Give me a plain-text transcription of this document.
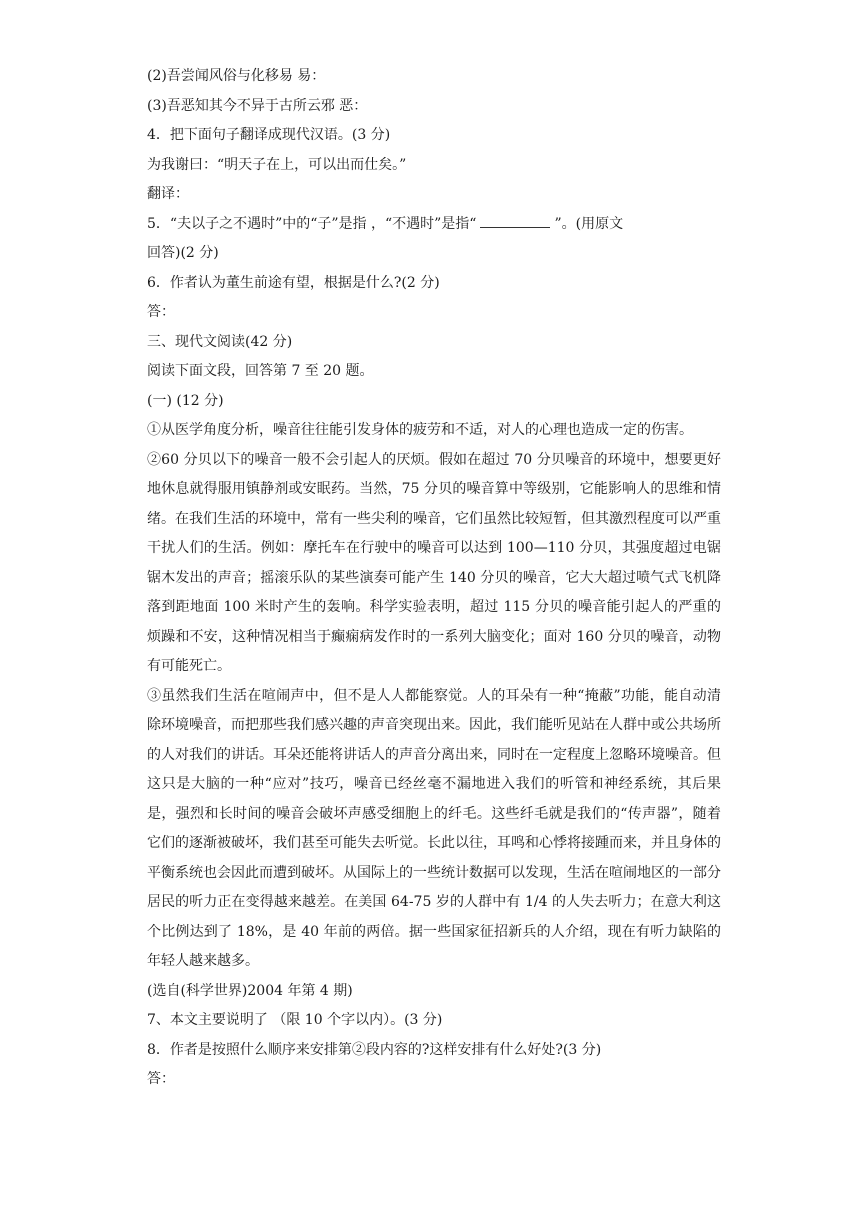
(2)吾尝闻风俗与化移易 易：

(3)吾恶知其今不异于古所云邪 恶：

4．把下面句子翻译成现代汉语。(3 分)

为我谢曰：“明天子在上，可以出而仕矣。”

翻译：

5．“夫以子之不遇时”中的“子”是指 ，“不遇时”是指“	”。(用原文

回答)(2 分)

6．作者认为董生前途有望，根据是什么?(2 分)

答：

三、现代文阅读(42 分)

阅读下面文段，回答第 7 至 20 题。

(一) (12 分)

①从医学角度分析，噪音往往能引发身体的疲劳和不适，对人的心理也造成一定的伤害。

②60 分贝以下的噪音一般不会引起人的厌烦。假如在超过 70 分贝噪音的环境中，想要更好地休息就得服用镇静剂或安眠药。当然，75 分贝的噪音算中等级别，它能影响人的思维和情绪。在我们生活的环境中，常有一些尖利的噪音，它们虽然比较短暂，但其激烈程度可以严重干扰人们的生活。例如：摩托车在行驶中的噪音可以达到 100—110 分贝，其强度超过电锯锯木发出的声音；摇滚乐队的某些演奏可能产生 140 分贝的噪音，它大大超过喷气式飞机降落到距地面 100 米时产生的轰响。科学实验表明，超过 115 分贝的噪音能引起人的严重的烦躁和不安，这种情况相当于癫痫病发作时的一系列大脑变化；面对 160 分贝的噪音，动物有可能死亡。

③虽然我们生活在喧闹声中，但不是人人都能察觉。人的耳朵有一种“掩蔽”功能，能自动清除环境噪音，而把那些我们感兴趣的声音突现出来。因此，我们能听见站在人群中或公共场所的人对我们的讲话。耳朵还能将讲话人的声音分离出来，同时在一定程度上忽略环境噪音。但这只是大脑的一种“应对”技巧，噪音已经丝毫不漏地进入我们的听管和神经系统，其后果是，强烈和长时间的噪音会破坏声感受细胞上的纤毛。这些纤毛就是我们的“传声器”，随着它们的逐渐被破坏，我们甚至可能失去听觉。长此以往，耳鸣和心悸将接踵而来，并且身体的平衡系统也会因此而遭到破坏。从国际上的一些统计数据可以发现，生活在喧闹地区的一部分居民的听力正在变得越来越差。在美国 64-75 岁的人群中有 1/4 的人失去听力；在意大利这个比例达到了 18%，是 40 年前的两倍。据一些国家征招新兵的人介绍，现在有听力缺陷的年轻人越来越多。

(选自(科学世界)2004 年第 4 期)

7、本文主要说明了 （限 10 个字以内）。(3 分)

8．作者是按照什么顺序来安排第②段内容的?这样安排有什么好处?(3 分)

答：
